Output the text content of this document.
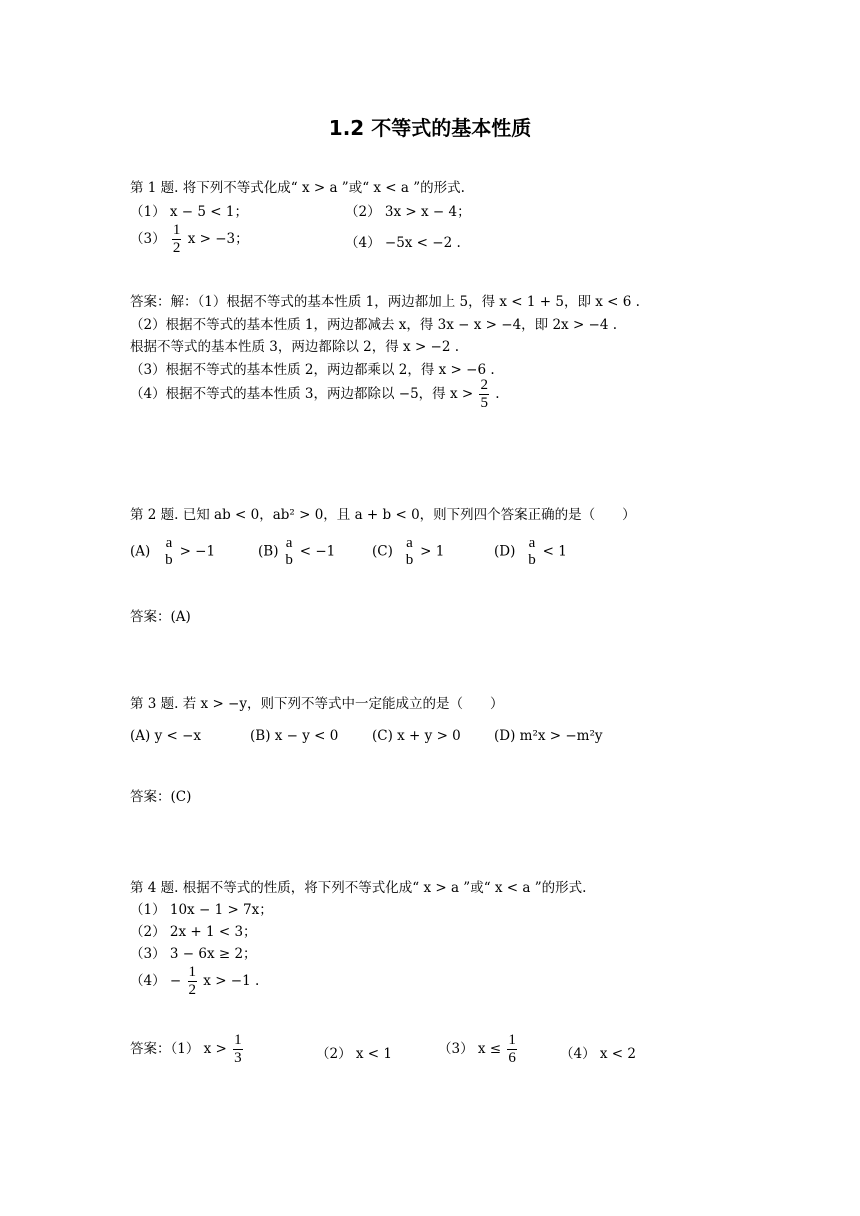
1.2 不等式的基本性质
第 1 题. 将下列不等式化成“ x > a ”或“ x < a ”的形式.
（1） x − 5 < 1；	（2） 3x > x − 4；
$(3) \frac{1}{2}$ x > −3；	（4） −5x < −2 .
答案：解：（1）根据不等式的基本性质 1，两边都加上 5，得 x < 1 + 5，即 x < 6 .
（2）根据不等式的基本性质 1，两边都减去 x，得 3x − x > −4，即 2x > −4 .
根据不等式的基本性质 3，两边都除以 2，得 x > −2 .
（3）根据不等式的基本性质 2，两边都乘以 2，得 x > −6 .
（4）根据不等式的基本性质 3，两边都除以 −5，得 $x > \frac{2}{5}$ .
第 2 题. 已知 ab < 0，ab² > 0，且 a + b < 0，则下列四个答案正确的是（　　）
(A)
a
b
> −1	(B)
a
b
< −1	(C)
a
b
> 1	(D)
a
b
< 1
答案：(A)
第 3 题. 若 x > −y，则下列不等式中一定能成立的是（　　）
(A) y < −x	(B) x − y < 0 (C) x + y > 0 (D) m²x > −m²y
答案：(C)
第 4 题. 根据不等式的性质，将下列不等式化成“ x > a ”或“ x < a ”的形式.
（1） 10x − 1 > 7x；
（2） 2x + 1 < 3；
（3） 3 − 6x ≥ 2；
$(4) - \frac{1}{2}$ x > −1 .
答案：（1） $x > \frac{1}{3}$	（2） x < 1	（3） $x \le \frac{1}{6}$	（4） x < 2
